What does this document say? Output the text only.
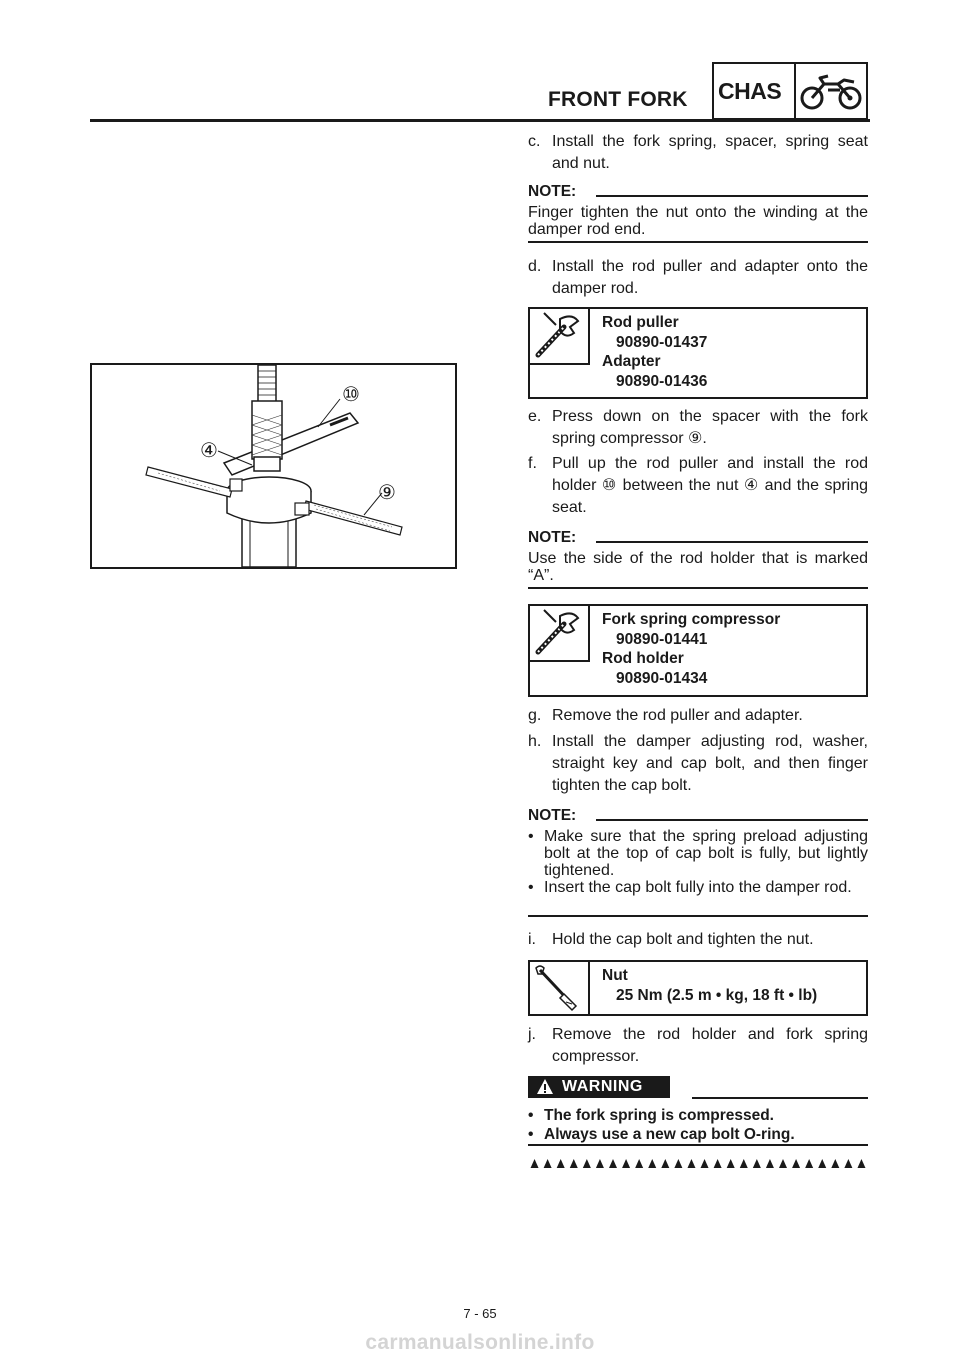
FRONT FORK CHAS
⑩
④
⑨
c. Install the fork spring, spacer, spring seat and nut.
NOTE:
Finger tighten the nut onto the winding at the damper rod end.
d. Install the rod puller and adapter onto the damper rod.
Rod puller
90890-01437
Adapter
90890-01436
e. Press down on the spacer with the fork spring compressor ⑨.
f. Pull up the rod puller and install the rod holder ⑩ between the nut ④ and the spring seat.
NOTE:
Use the side of the rod holder that is marked “A”.
Fork spring compressor
90890-01441
Rod holder
90890-01434
g. Remove the rod puller and adapter.
h. Install the damper adjusting rod, washer, straight key and cap bolt, and then finger tighten the cap bolt.
NOTE:
• Make sure that the spring preload adjusting bolt at the top of cap bolt is fully, but lightly tightened.
• Insert the cap bolt fully into the damper rod.
i.	Hold the cap bolt and tighten the nut.
Nut
25 Nm (2.5 m • kg, 18 ft • lb)
j.	Remove the rod holder and fork spring compressor.
WARNING
• The fork spring is compressed.
• Always use a new cap bolt O-ring.
7 - 65
carmanualsonline.info
